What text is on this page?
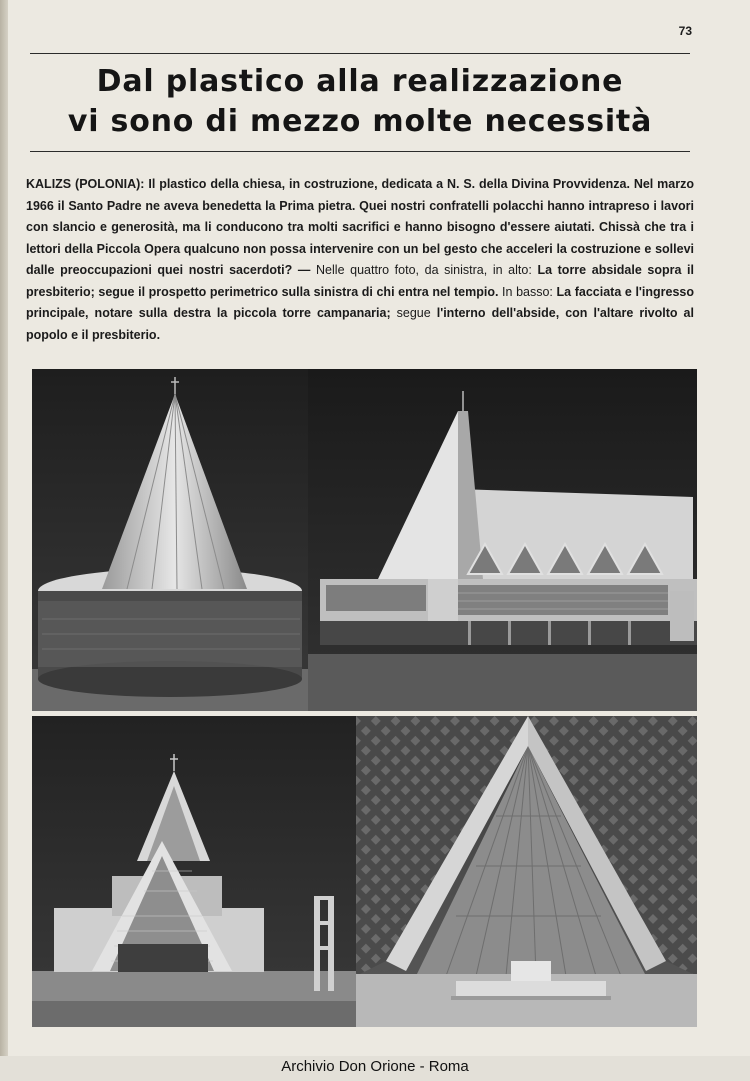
73
Dal plastico alla realizzazione
vi sono di mezzo molte necessità

KALIZS (POLONIA): Il plastico della chiesa, in costruzione, dedicata a N. S. della Divina Provvidenza. Nel marzo 1966 il Santo Padre ne aveva benedetta la Prima pietra. Quei nostri confratelli polacchi hanno intrapreso i lavori con slancio e generosità, ma li conducono tra molti sacrifici e hanno bisogno d'essere aiutati. Chissà che tra i lettori della Piccola Opera qualcuno non possa intervenire con un bel gesto che acceleri la costruzione e sollevi dalle preoccupazioni quei nostri sacerdoti? — Nelle quattro foto, da sinistra, in alto: La torre absidale sopra il presbiterio; segue il prospetto perimetrico sulla sinistra di chi entra nel tempio. In basso: La facciata e l'ingresso principale, notare sulla destra la piccola torre campanaria; segue l'interno dell'abside, con l'altare rivolto al popolo e il presbiterio.

Archivio Don Orione - Roma
